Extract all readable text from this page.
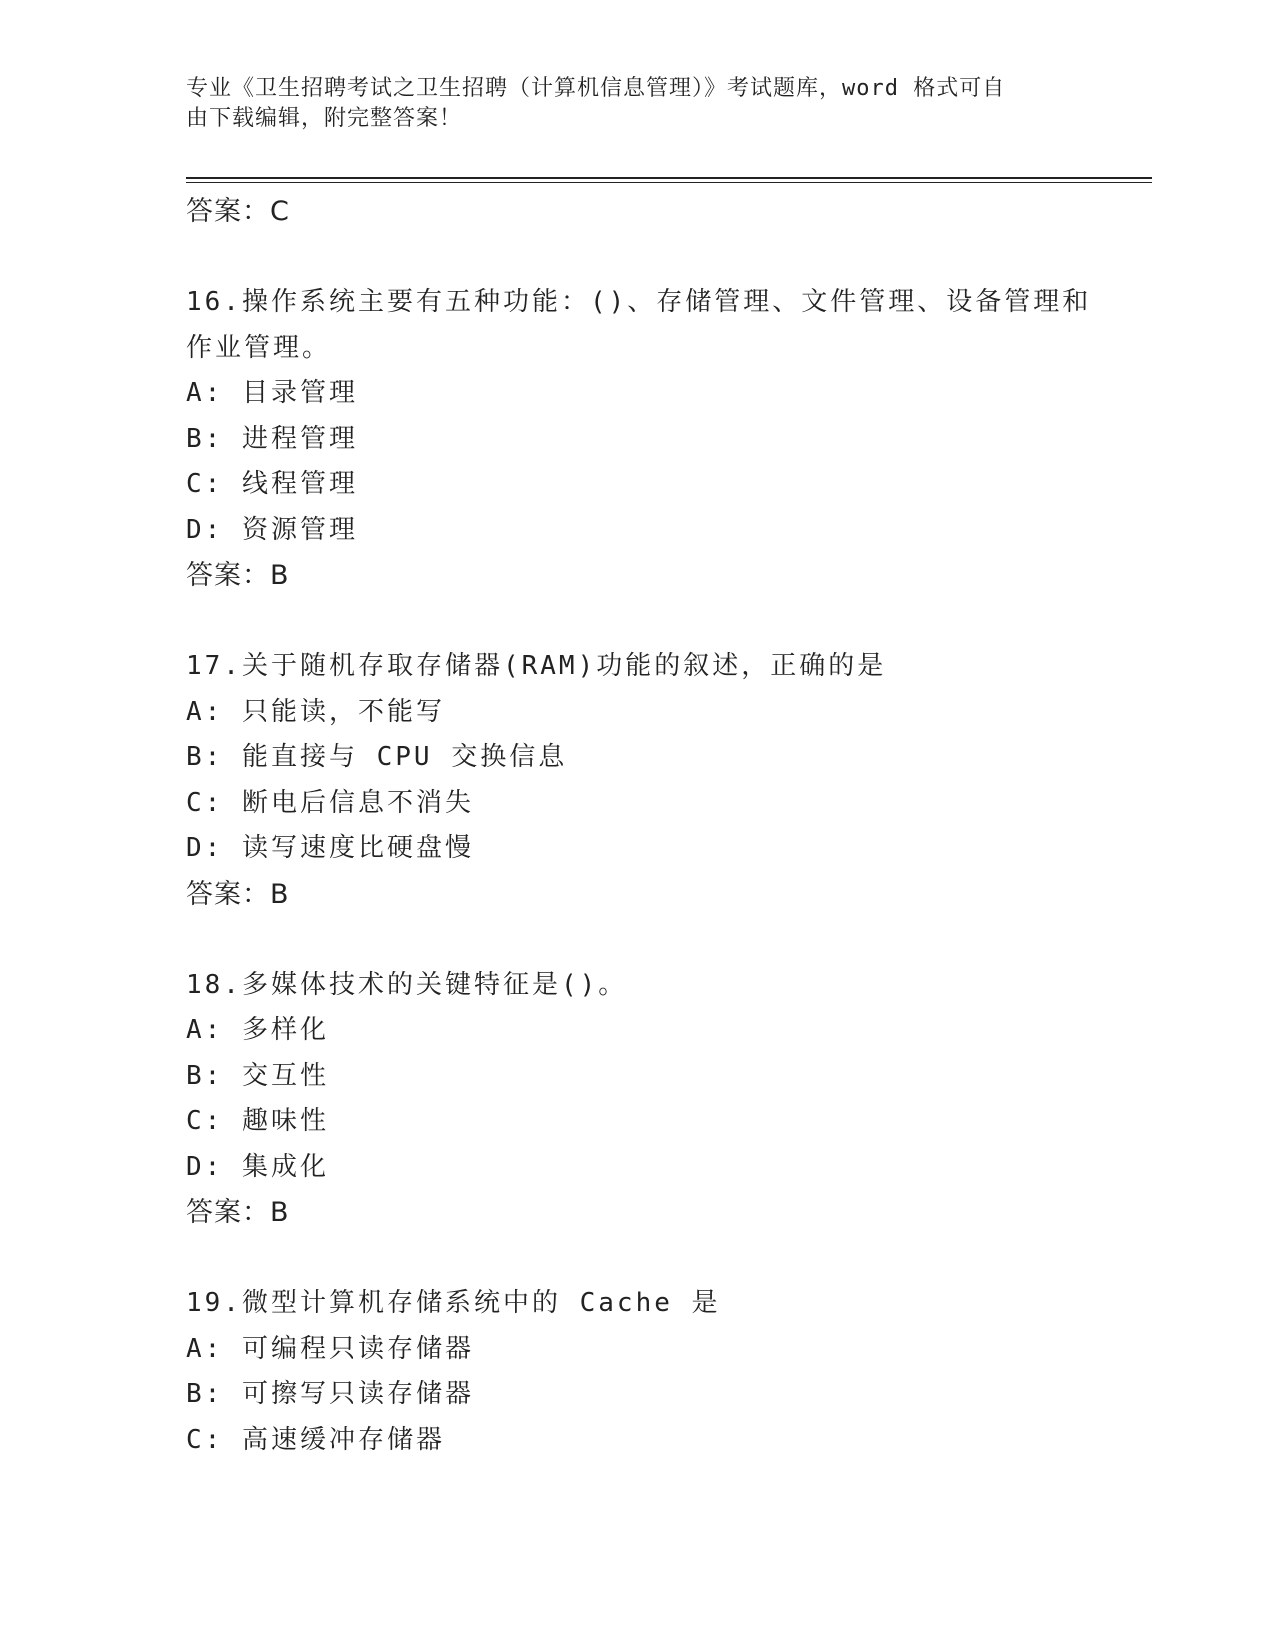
专业《卫生招聘考试之卫生招聘（计算机信息管理）》考试题库，word 格式可自
由下载编辑，附完整答案！

答案：C

16.操作系统主要有五种功能：()、存储管理、文件管理、设备管理和

作业管理。

A: 目录管理

B: 进程管理

C: 线程管理

D: 资源管理

答案：B

17.关于随机存取存储器(RAM)功能的叙述，正确的是

A: 只能读，不能写

B: 能直接与 CPU 交换信息

C: 断电后信息不消失

D: 读写速度比硬盘慢

答案：B

18.多媒体技术的关键特征是()。

A: 多样化

B: 交互性

C: 趣味性

D: 集成化

答案：B

19.微型计算机存储系统中的 Cache 是

A: 可编程只读存储器

B: 可擦写只读存储器

C: 高速缓冲存储器
